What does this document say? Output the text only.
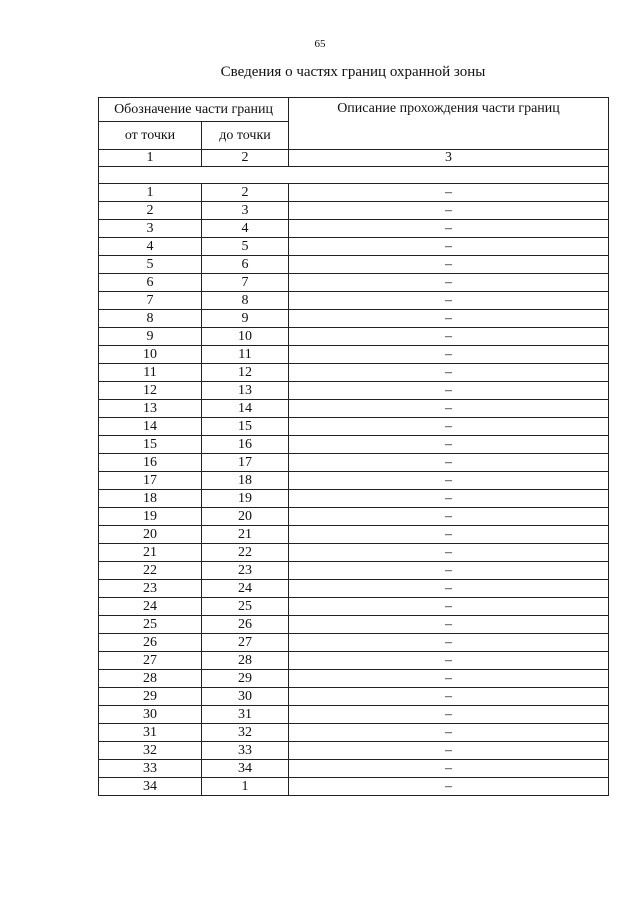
65
Сведения о частях границ охранной зоны
Обозначение части границ		Описание прохождения части границ
от точки	до точки	
1	2	3

1	2	–
2	3	–
3	4	–
4	5	–
5	6	–
6	7	–
7	8	–
8	9	–
9	10	–
10	11	–
11	12	–
12	13	–
13	14	–
14	15	–
15	16	–
16	17	–
17	18	–
18	19	–
19	20	–
20	21	–
21	22	–
22	23	–
23	24	–
24	25	–
25	26	–
26	27	–
27	28	–
28	29	–
29	30	–
30	31	–
31	32	–
32	33	–
33	34	–
34	1	–
